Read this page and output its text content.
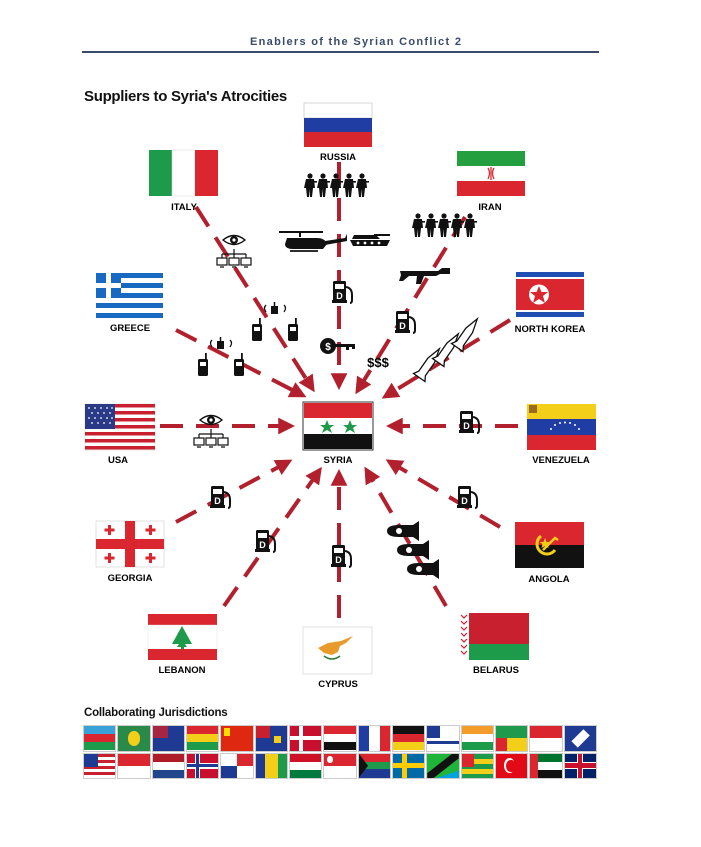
Enablers of the Syrian Conflict 2
Suppliers to Syria's Atrocities
RUSSIA
ITALY	IRAN
GREECE	NORTH KOREA
USA	SYRIA	VENEZUELA
GEORGIA	ANGOLA
LEBANON
CYPRUS
BELARUS
$
$$$
D
D
D
D	D
D
D
Collaborating Jurisdictions
